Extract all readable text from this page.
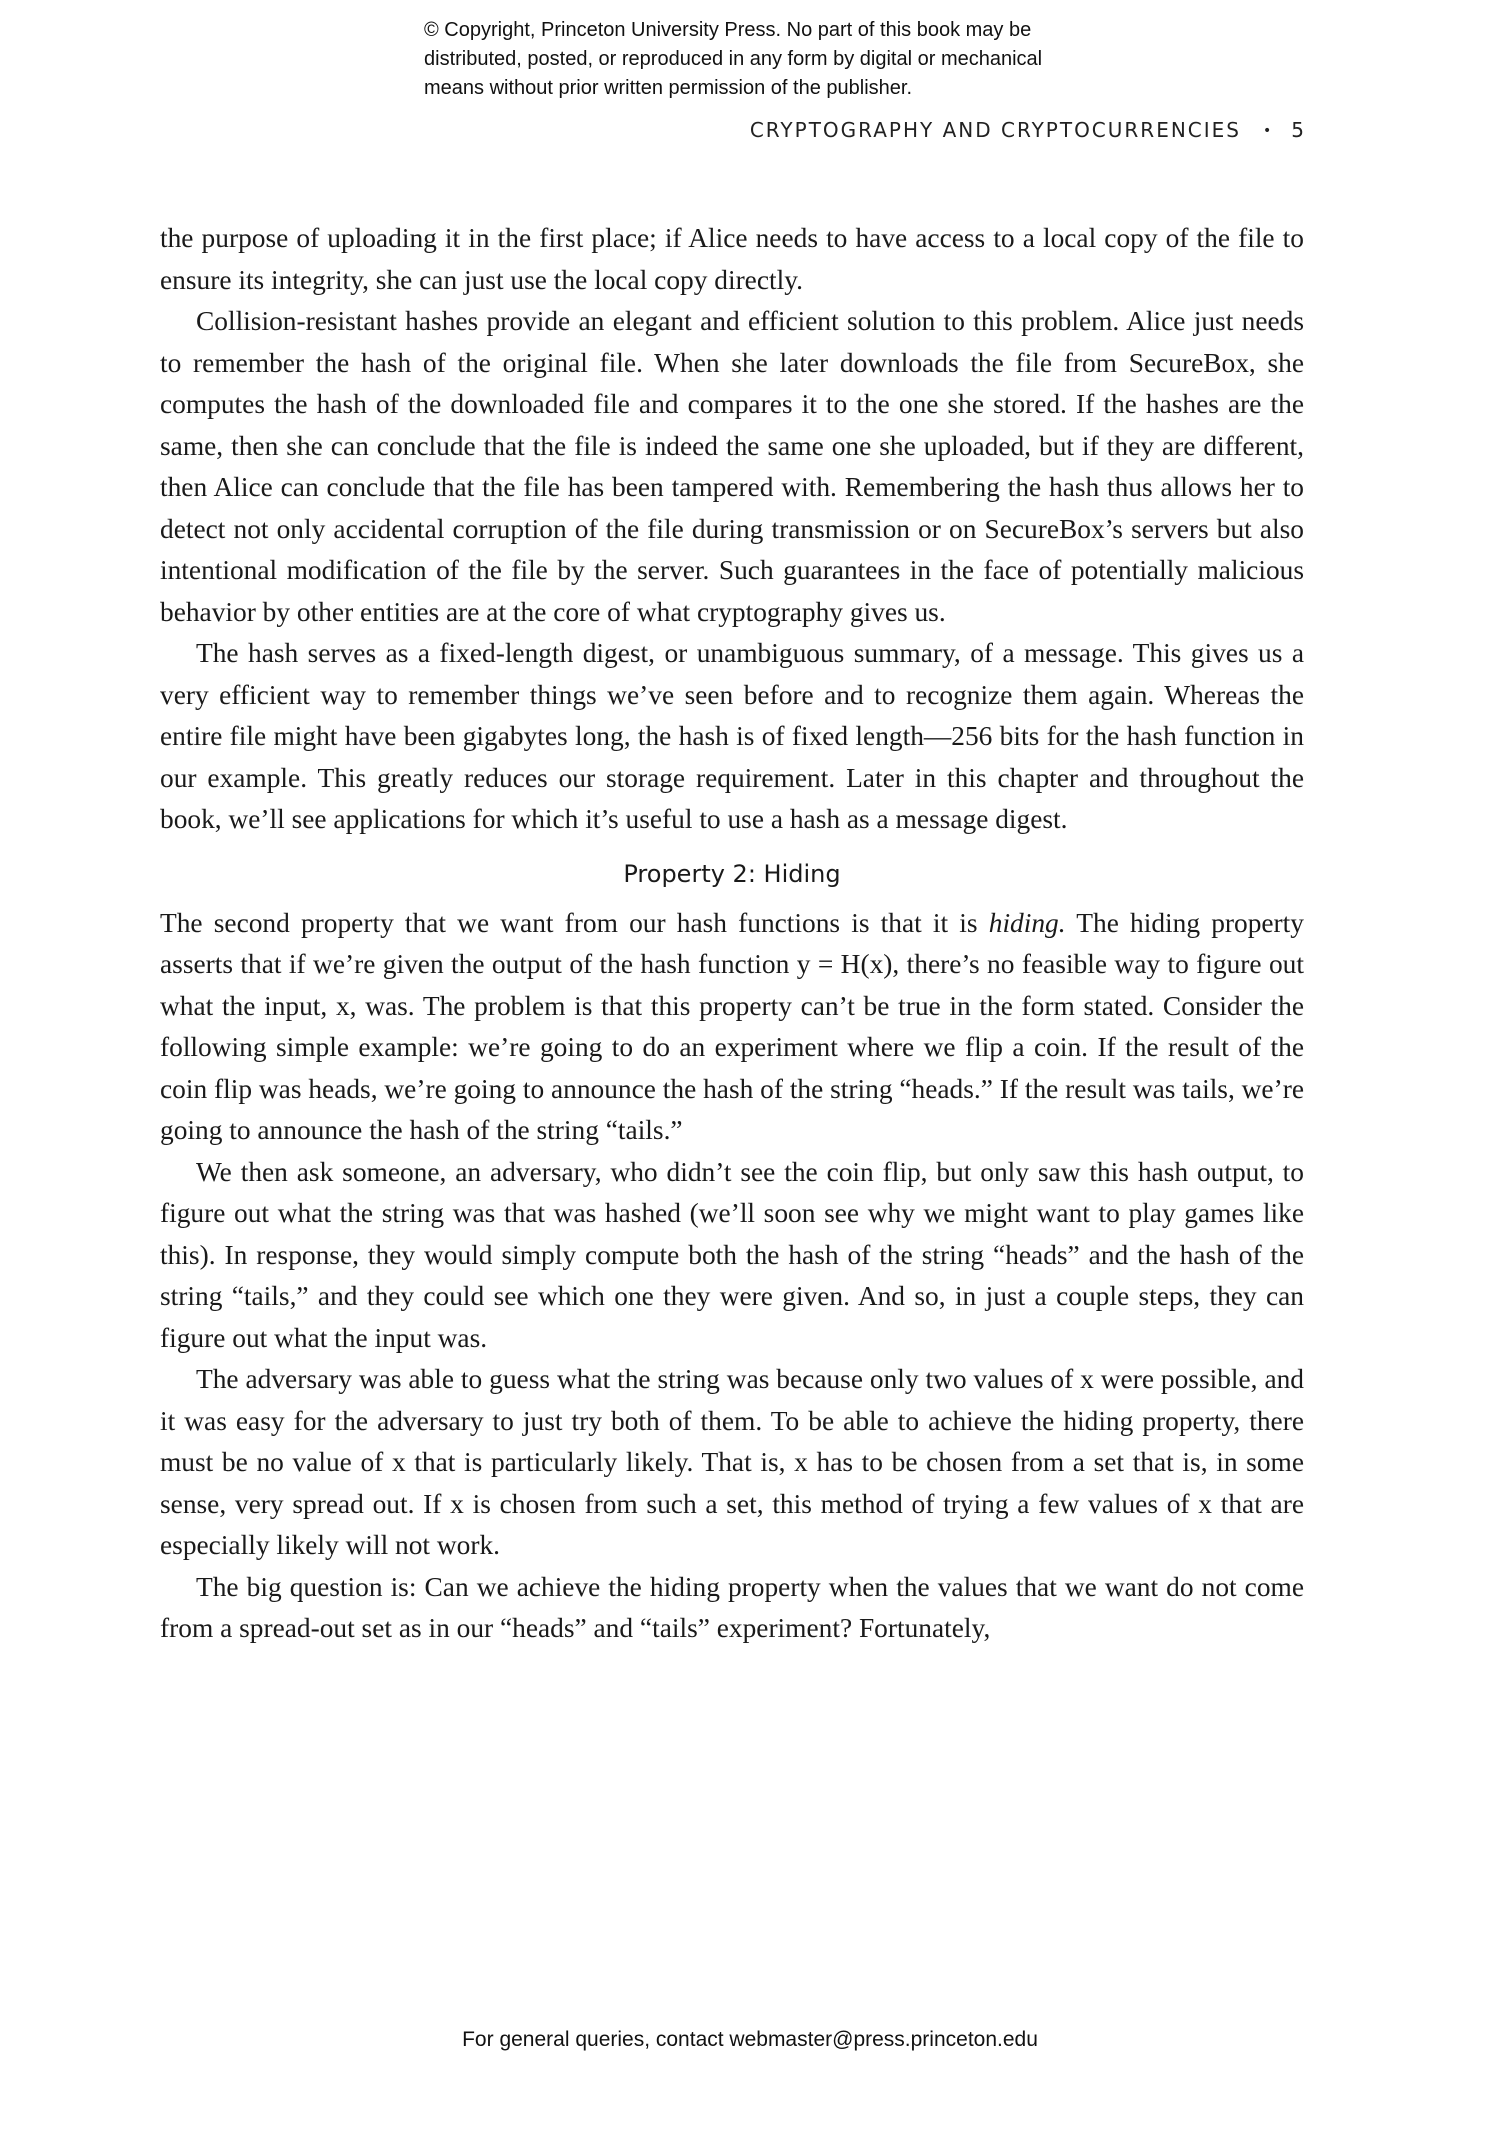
© Copyright, Princeton University Press. No part of this book may be
distributed, posted, or reproduced in any form by digital or mechanical
means without prior written permission of the publisher.
CRYPTOGRAPHY AND CRYPTOCURRENCIES • 5

the purpose of uploading it in the first place; if Alice needs to have access to a local copy of the file to ensure its integrity, she can just use the local copy directly.

Collision-resistant hashes provide an elegant and efficient solution to this problem. Alice just needs to remember the hash of the original file. When she later downloads the file from SecureBox, she computes the hash of the downloaded file and compares it to the one she stored. If the hashes are the same, then she can conclude that the file is indeed the same one she uploaded, but if they are different, then Alice can conclude that the file has been tampered with. Remembering the hash thus allows her to detect not only accidental corruption of the file during transmission or on SecureBox’s servers but also intentional modification of the file by the server. Such guarantees in the face of potentially malicious behavior by other entities are at the core of what cryptography gives us.

The hash serves as a fixed-length digest, or unambiguous summary, of a message. This gives us a very efficient way to remember things we’ve seen before and to recognize them again. Whereas the entire file might have been gigabytes long, the hash is of fixed length—256 bits for the hash function in our example. This greatly reduces our storage requirement. Later in this chapter and throughout the book, we’ll see applications for which it’s useful to use a hash as a message digest.

Property 2: Hiding

The second property that we want from our hash functions is that it is hiding. The hiding property asserts that if we’re given the output of the hash function y = H(x), there’s no feasible way to figure out what the input, x, was. The problem is that this property can’t be true in the form stated. Consider the following simple example: we’re going to do an experiment where we flip a coin. If the result of the coin flip was heads, we’re going to announce the hash of the string “heads.” If the result was tails, we’re going to announce the hash of the string “tails.”

We then ask someone, an adversary, who didn’t see the coin flip, but only saw this hash output, to figure out what the string was that was hashed (we’ll soon see why we might want to play games like this). In response, they would simply compute both the hash of the string “heads” and the hash of the string “tails,” and they could see which one they were given. And so, in just a couple steps, they can figure out what the input was.

The adversary was able to guess what the string was because only two values of x were possible, and it was easy for the adversary to just try both of them. To be able to achieve the hiding property, there must be no value of x that is particularly likely. That is, x has to be chosen from a set that is, in some sense, very spread out. If x is chosen from such a set, this method of trying a few values of x that are especially likely will not work.

The big question is: Can we achieve the hiding property when the values that we want do not come from a spread-out set as in our “heads” and “tails” experiment? Fortunately,

For general queries, contact webmaster@press.princeton.edu
